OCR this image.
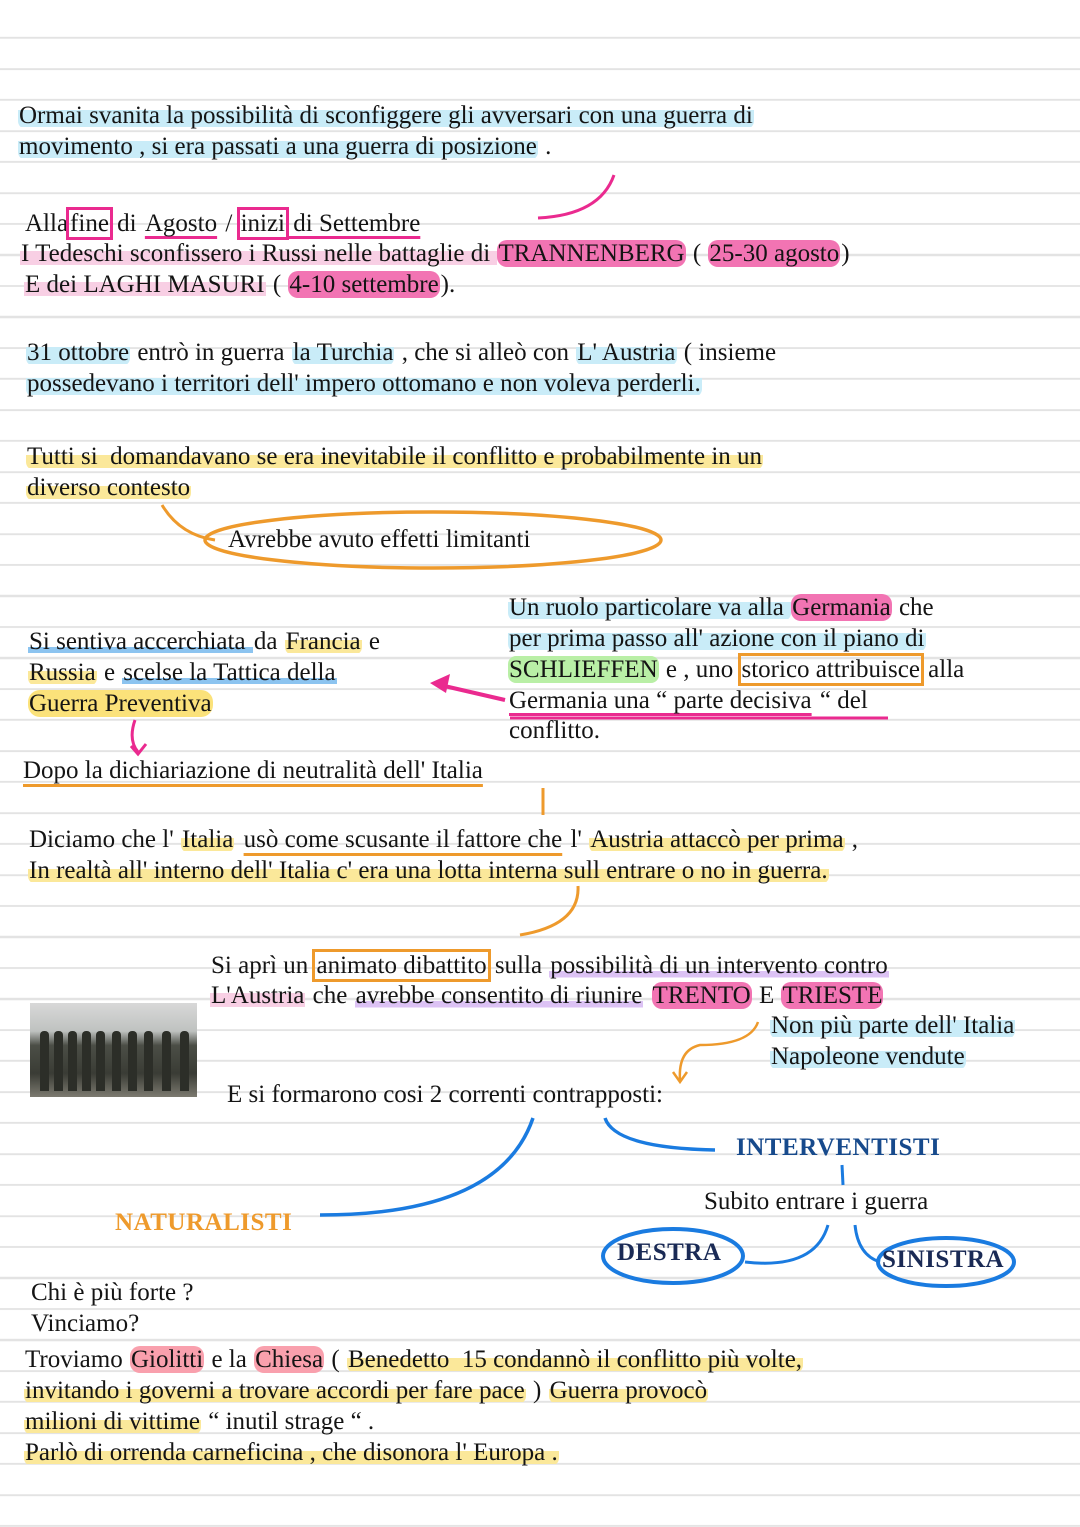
Ormai svanita la possibilità di sconfiggere gli avversari con una guerra di
movimento , si era passati a una guerra di posizione .
Allafine di Agosto / inizi di Settembre
I Tedeschi sconfissero i Russi nelle battaglie di TRANNENBERG ( 25-30 agosto)
E dei LAGHI MASURI ( 4-10 settembre).
31 ottobre entrò in guerra la Turchia , che si alleò con L' Austria ( insieme
possedevano i territori dell' impero ottomano e non voleva perderli.
Tutti si  domandavano se era inevitabile il conflitto e probabilmente in un
diverso contesto
Avrebbe avuto effetti limitanti
Si sentiva accerchiata da Francia e
Russia e scelse la Tattica della
Guerra Preventiva
Un ruolo particolare va alla Germania che
per prima passo all' azione con il piano di
SCHLIEFFEN e , uno storico attribuisce alla
Germania una “ parte decisiva “ del
conflitto.
Dopo la dichiariazione di neutralità dell' Italia
Diciamo che l' Italia usò come scusante il fattore che l' Austria attaccò per prima ,
In realtà all' interno dell' Italia c' era una lotta interna sull entrare o no in guerra.
Si aprì un animato dibattito sulla possibilità di un intervento contro
L'Austria che avrebbe consentito di riunire TRENTO E TRIESTE
Non più parte dell' Italia
Napoleone vendute
E si formarono cosi 2 correnti contrapposti:
INTERVENTISTI
Subito entrare i guerra
NATURALISTI
DESTRA	SINISTRA
Chi è più forte ?
Vinciamo?
Troviamo Giolitti e la Chiesa ( Benedetto  15 condannò il conflitto più volte,
invitando i governi a trovare accordi per fare pace ) Guerra provocò
milioni di vittime “ inutil strage “ .
Parlò di orrenda carneficina , che disonora l' Europa .
